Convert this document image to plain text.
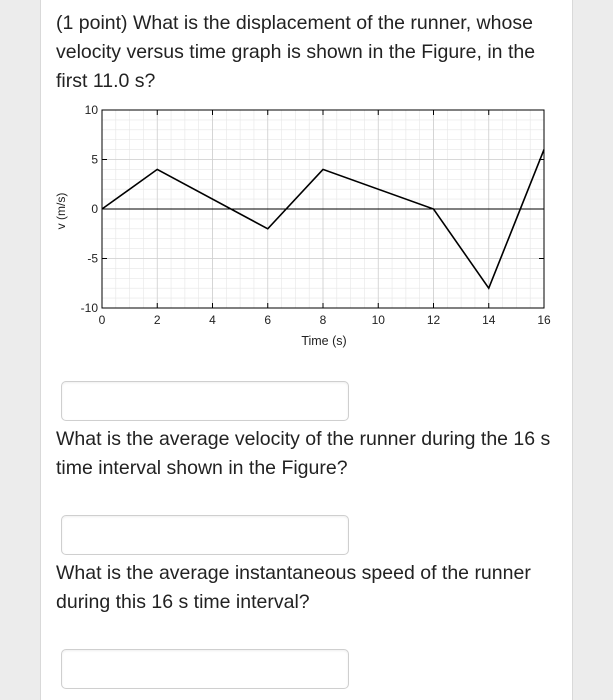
(1 point) What is the displacement of the runner, whose velocity versus time graph is shown in the Figure, in the first 11.0 s?

0	2	4	6	8	10	12	14	16
-10
-5
0
5
10
Time (s)
v (m/s)

What is the average velocity of the runner during the 16 s time interval shown in the Figure?

What is the average instantaneous speed of the runner during this 16 s time interval?
